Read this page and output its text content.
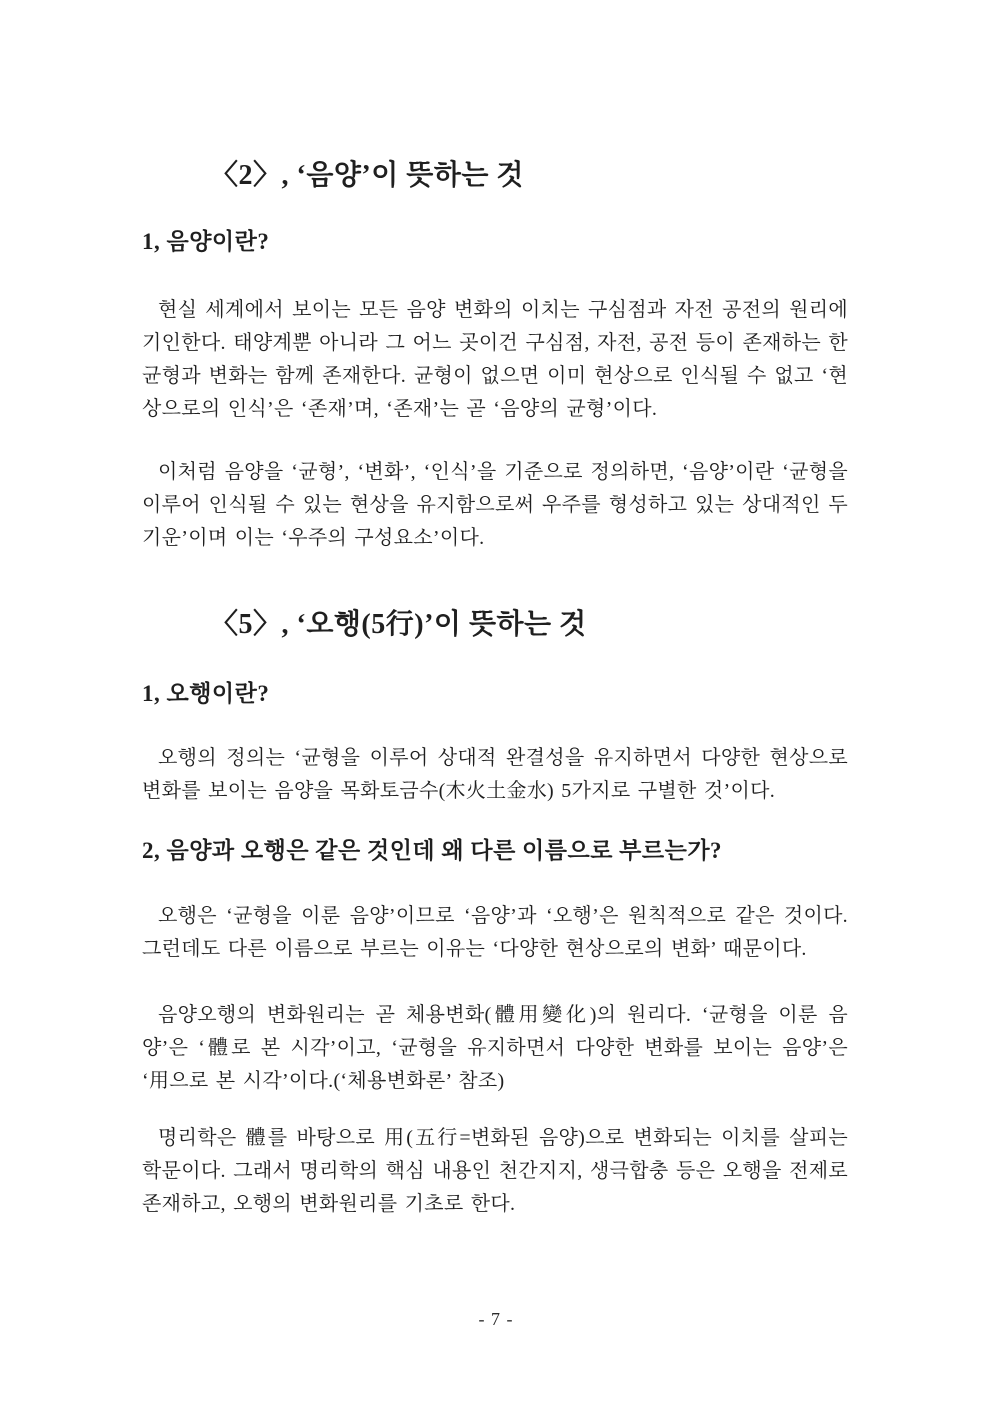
〈2〉, ‘음양’이 뜻하는 것
1, 음양이란?

현실 세계에서 보이는 모든 음양 변화의 이치는 구심점과 자전 공전의 원리에 기인한다. 태양계뿐 아니라 그 어느 곳이건 구심점, 자전, 공전 등이 존재하는 한 균형과 변화는 함께 존재한다. 균형이 없으면 이미 현상으로 인식될 수 없고 ‘현상으로의 인식’은 ‘존재’며, ‘존재’는 곧 ‘음양의 균형’이다.

이처럼 음양을 ‘균형’, ‘변화’, ‘인식’을 기준으로 정의하면, ‘음양’이란 ‘균형을 이루어 인식될 수 있는 현상을 유지함으로써 우주를 형성하고 있는 상대적인 두 기운’이며 이는 ‘우주의 구성요소’이다.

〈5〉, ‘오행(5行)’이 뜻하는 것
1, 오행이란?

오행의 정의는 ‘균형을 이루어 상대적 완결성을 유지하면서 다양한 현상으로 변화를 보이는 음양을 목화토금수(木火土金水) 5가지로 구별한 것’이다.

2, 음양과 오행은 같은 것인데 왜 다른 이름으로 부르는가?

오행은 ‘균형을 이룬 음양’이므로 ‘음양’과 ‘오행’은 원칙적으로 같은 것이다. 그런데도 다른 이름으로 부르는 이유는 ‘다양한 현상으로의 변화’ 때문이다.

음양오행의 변화원리는 곧 체용변화(體用變化)의 원리다. ‘균형을 이룬 음양’은 ‘體로 본 시각’이고, ‘균형을 유지하면서 다양한 변화를 보이는 음양’은 ‘用으로 본 시각’이다.(‘체용변화론’ 참조)

명리학은 體를 바탕으로 用(五行=변화된 음양)으로 변화되는 이치를 살피는 학문이다. 그래서 명리학의 핵심 내용인 천간지지, 생극합충 등은 오행을 전제로 존재하고, 오행의 변화원리를 기초로 한다.

- 7 -
